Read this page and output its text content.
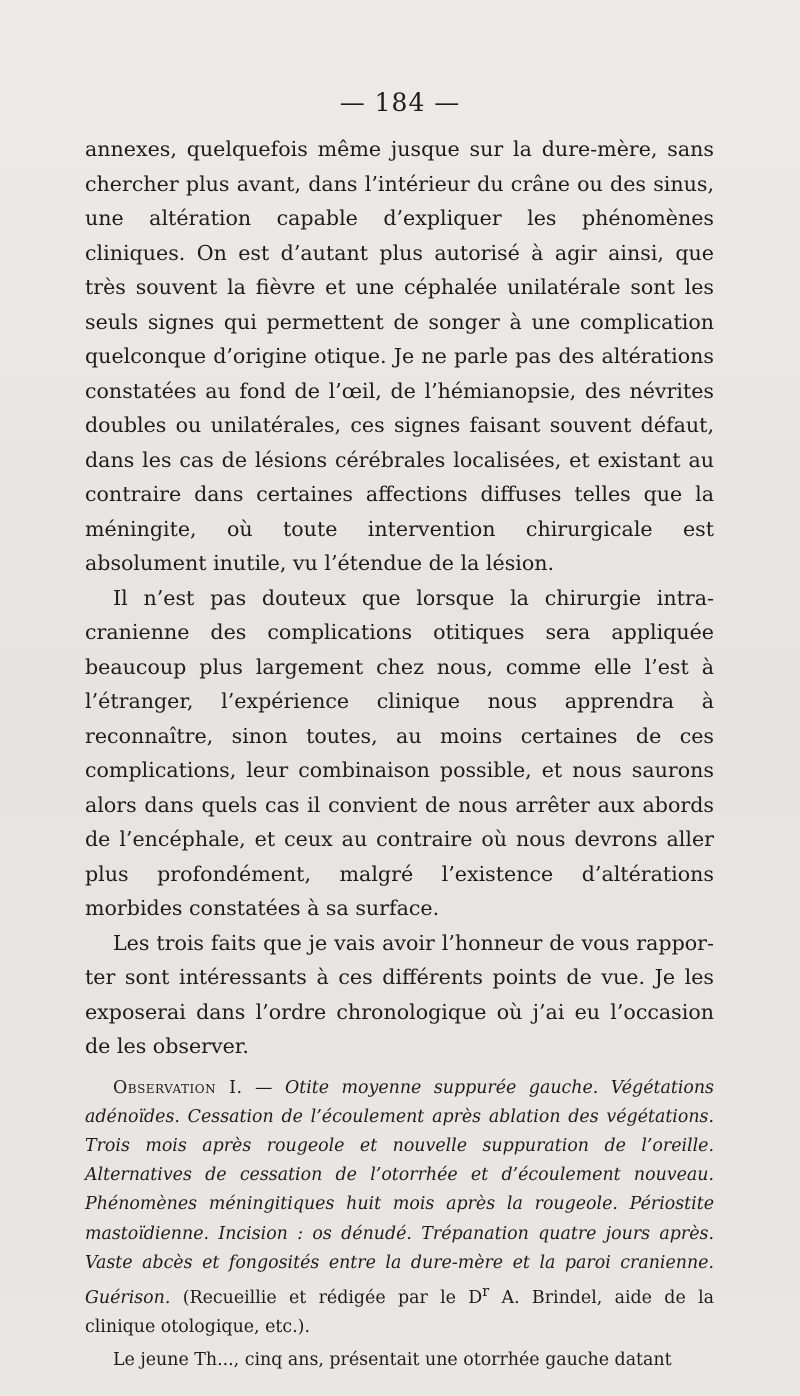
— 184 —

annexes, quelquefois même jusque sur la dure-mère, sans chercher plus avant, dans l’intérieur du crâne ou des sinus, une altération capable d’expliquer les phénomènes cliniques. On est d’autant plus autorisé à agir ainsi, que très souvent la fièvre et une céphalée unilatérale sont les seuls signes qui permettent de songer à une complication quelconque d’origine otique. Je ne parle pas des altérations constatées au fond de l’œil, de l’hémianopsie, des névrites doubles ou unilatérales, ces signes faisant souvent défaut, dans les cas de lésions cérébrales localisées, et existant au contraire dans certaines affections diffuses telles que la méningite, où toute intervention chirurgicale est absolument inutile, vu l’étendue de la lésion.

Il n’est pas douteux que lorsque la chirurgie intra-cranienne des complications otitiques sera appliquée beaucoup plus largement chez nous, comme elle l’est à l’étranger, l’expérience clinique nous apprendra à reconnaître, sinon toutes, au moins certaines de ces complications, leur combinaison possible, et nous saurons alors dans quels cas il convient de nous arrêter aux abords de l’encéphale, et ceux au contraire où nous devrons aller plus profondément, malgré l’existence d’altérations morbides constatées à sa surface.

Les trois faits que je vais avoir l’honneur de vous rapporter sont intéressants à ces différents points de vue. Je les exposerai dans l’ordre chronologique où j’ai eu l’occasion de les observer.

Observation I. — Otite moyenne suppurée gauche. Végétations adénoïdes. Cessation de l’écoulement après ablation des végétations. Trois mois après rougeole et nouvelle suppuration de l’oreille. Alternatives de cessation de l’otorrhée et d’écoulement nouveau. Phénomènes méningitiques huit mois après la rougeole. Périostite mastoïdienne. Incision : os dénudé. Trépanation quatre jours après. Vaste abcès et fongosités entre la dure-mère et la paroi cranienne. Guérison. (Recueillie et rédigée par le $D^r$ A. Brindel, aide de la clinique otologique, etc.).

Le jeune Th..., cinq ans, présentait une otorrhée gauche datant
